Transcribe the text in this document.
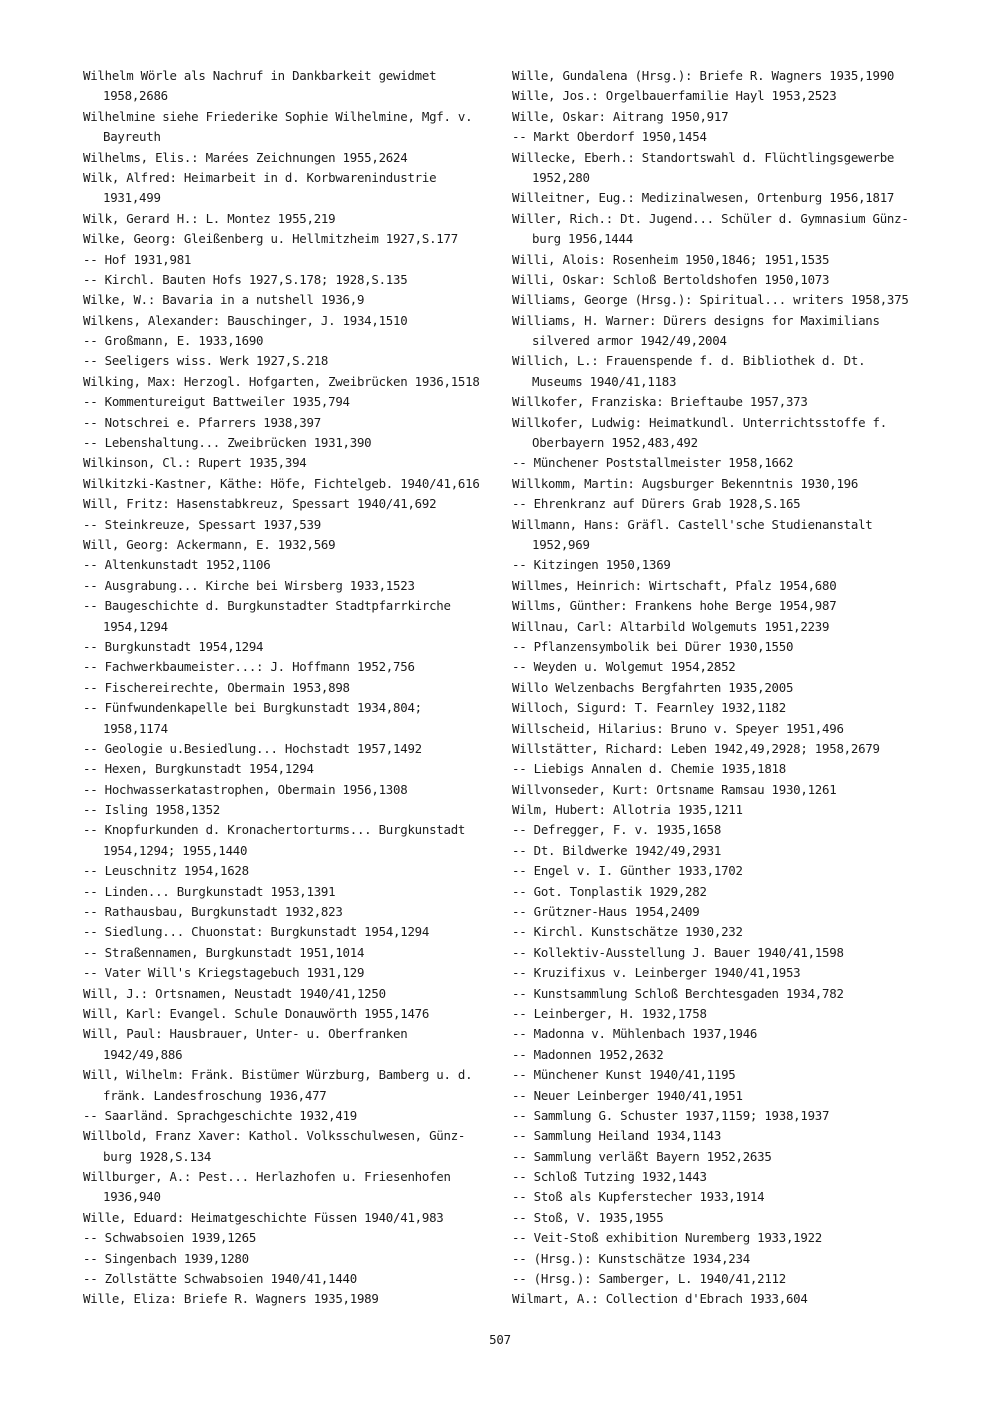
Wilhelm Wörle als Nachruf in Dankbarkeit gewidmet
1958,2686
Wilhelmine siehe Friederike Sophie Wilhelmine, Mgf. v.
Bayreuth
Wilhelms, Elis.: Marées Zeichnungen 1955,2624
Wilk, Alfred: Heimarbeit in d. Korbwarenindustrie
1931,499
Wilk, Gerard H.: L. Montez 1955,219
Wilke, Georg: Gleißenberg u. Hellmitzheim 1927,S.177
-- Hof 1931,981
-- Kirchl. Bauten Hofs 1927,S.178; 1928,S.135
Wilke, W.: Bavaria in a nutshell 1936,9
Wilkens, Alexander: Bauschinger, J. 1934,1510
-- Großmann, E. 1933,1690
-- Seeligers wiss. Werk 1927,S.218
Wilking, Max: Herzogl. Hofgarten, Zweibrücken 1936,1518
-- Kommentureigut Battweiler 1935,794
-- Notschrei e. Pfarrers 1938,397
-- Lebenshaltung... Zweibrücken 1931,390
Wilkinson, Cl.: Rupert 1935,394
Wilkitzki-Kastner, Käthe: Höfe, Fichtelgeb. 1940/41,616
Will, Fritz: Hasenstabkreuz, Spessart 1940/41,692
-- Steinkreuze, Spessart 1937,539
Will, Georg: Ackermann, E. 1932,569
-- Altenkunstadt 1952,1106
-- Ausgrabung... Kirche bei Wirsberg 1933,1523
-- Baugeschichte d. Burgkunstadter Stadtpfarrkirche
1954,1294
-- Burgkunstadt 1954,1294
-- Fachwerkbaumeister...: J. Hoffmann 1952,756
-- Fischereirechte, Obermain 1953,898
-- Fünfwundenkapelle bei Burgkunstadt 1934,804;
1958,1174
-- Geologie u.Besiedlung... Hochstadt 1957,1492
-- Hexen, Burgkunstadt 1954,1294
-- Hochwasserkatastrophen, Obermain 1956,1308
-- Isling 1958,1352
-- Knopfurkunden d. Kronachertorturms... Burgkunstadt
1954,1294; 1955,1440
-- Leuschnitz 1954,1628
-- Linden... Burgkunstadt 1953,1391
-- Rathausbau, Burgkunstadt 1932,823
-- Siedlung... Chuonstat: Burgkunstadt 1954,1294
-- Straßennamen, Burgkunstadt 1951,1014
-- Vater Will's Kriegstagebuch 1931,129
Will, J.: Ortsnamen, Neustadt 1940/41,1250
Will, Karl: Evangel. Schule Donauwörth 1955,1476
Will, Paul: Hausbrauer, Unter- u. Oberfranken
1942/49,886
Will, Wilhelm: Fränk. Bistümer Würzburg, Bamberg u. d.
fränk. Landesfroschung 1936,477
-- Saarländ. Sprachgeschichte 1932,419
Willbold, Franz Xaver: Kathol. Volksschulwesen, Günz-
burg 1928,S.134
Willburger, A.: Pest... Herlazhofen u. Friesenhofen
1936,940
Wille, Eduard: Heimatgeschichte Füssen 1940/41,983
-- Schwabsoien 1939,1265
-- Singenbach 1939,1280
-- Zollstätte Schwabsoien 1940/41,1440
Wille, Eliza: Briefe R. Wagners 1935,1989
Wille, Gundalena (Hrsg.): Briefe R. Wagners 1935,1990
Wille, Jos.: Orgelbauerfamilie Hayl 1953,2523
Wille, Oskar: Aitrang 1950,917
-- Markt Oberdorf 1950,1454
Willecke, Eberh.: Standortswahl d. Flüchtlingsgewerbe
1952,280
Willeitner, Eug.: Medizinalwesen, Ortenburg 1956,1817
Willer, Rich.: Dt. Jugend... Schüler d. Gymnasium Günz-
burg 1956,1444
Willi, Alois: Rosenheim 1950,1846; 1951,1535
Willi, Oskar: Schloß Bertoldshofen 1950,1073
Williams, George (Hrsg.): Spiritual... writers 1958,375
Williams, H. Warner: Dürers designs for Maximilians
silvered armor 1942/49,2004
Willich, L.: Frauenspende f. d. Bibliothek d. Dt.
Museums 1940/41,1183
Willkofer, Franziska: Brieftaube 1957,373
Willkofer, Ludwig: Heimatkundl. Unterrichtsstoffe f.
Oberbayern 1952,483,492
-- Münchener Poststallmeister 1958,1662
Willkomm, Martin: Augsburger Bekenntnis 1930,196
-- Ehrenkranz auf Dürers Grab 1928,S.165
Willmann, Hans: Gräfl. Castell'sche Studienanstalt
1952,969
-- Kitzingen 1950,1369
Willmes, Heinrich: Wirtschaft, Pfalz 1954,680
Willms, Günther: Frankens hohe Berge 1954,987
Willnau, Carl: Altarbild Wolgemuts 1951,2239
-- Pflanzensymbolik bei Dürer 1930,1550
-- Weyden u. Wolgemut 1954,2852
Willo Welzenbachs Bergfahrten 1935,2005
Willoch, Sigurd: T. Fearnley 1932,1182
Willscheid, Hilarius: Bruno v. Speyer 1951,496
Willstätter, Richard: Leben 1942,49,2928; 1958,2679
-- Liebigs Annalen d. Chemie 1935,1818
Willvonseder, Kurt: Ortsname Ramsau 1930,1261
Wilm, Hubert: Allotria 1935,1211
-- Defregger, F. v. 1935,1658
-- Dt. Bildwerke 1942/49,2931
-- Engel v. I. Günther 1933,1702
-- Got. Tonplastik 1929,282
-- Grützner-Haus 1954,2409
-- Kirchl. Kunstschätze 1930,232
-- Kollektiv-Ausstellung J. Bauer 1940/41,1598
-- Kruzifixus v. Leinberger 1940/41,1953
-- Kunstsammlung Schloß Berchtesgaden 1934,782
-- Leinberger, H. 1932,1758
-- Madonna v. Mühlenbach 1937,1946
-- Madonnen 1952,2632
-- Münchener Kunst 1940/41,1195
-- Neuer Leinberger 1940/41,1951
-- Sammlung G. Schuster 1937,1159; 1938,1937
-- Sammlung Heiland 1934,1143
-- Sammlung verläßt Bayern 1952,2635
-- Schloß Tutzing 1932,1443
-- Stoß als Kupferstecher 1933,1914
-- Stoß, V. 1935,1955
-- Veit-Stoß exhibition Nuremberg 1933,1922
-- (Hrsg.): Kunstschätze 1934,234
-- (Hrsg.): Samberger, L. 1940/41,2112
Wilmart, A.: Collection d'Ebrach 1933,604
507
